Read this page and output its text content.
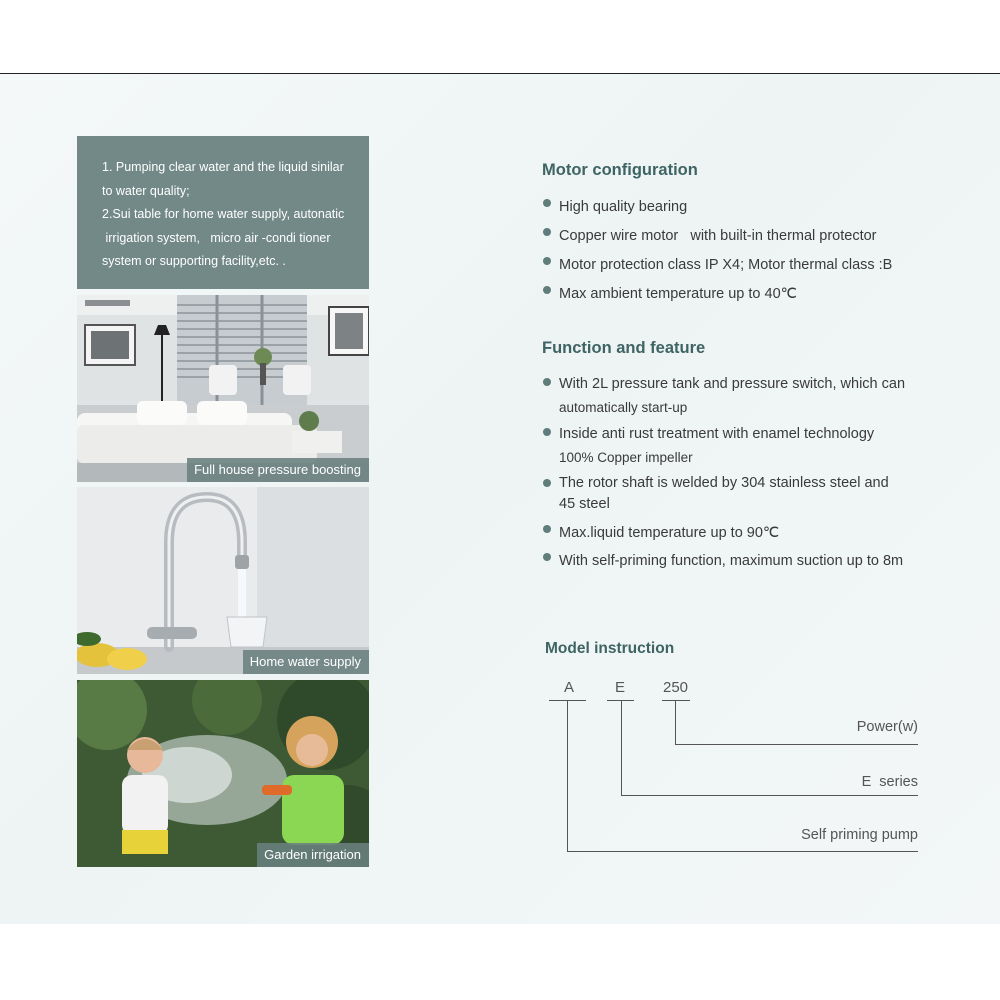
1. Pumping clear water and the liquid sinilar

to water quality;

2.Sui table for home water supply, autonatic

irrigation system,   micro air -condi tioner

system or supporting facility,etc. .

Full house pressure boosting
Home water supply
Garden irrigation
Motor configuration
High quality bearing
Copper wire motor   with built-in thermal protector
Motor protection class IP X4; Motor thermal class :B
Max ambient temperature up to 40℃
Function and feature
With 2L pressure tank and pressure switch, which can
automatically start-up
Inside anti rust treatment with enamel technology
100% Copper impeller
The rotor shaft is welded by 304 stainless steel and
45 steel
Max.liquid temperature up to 90℃
With self-priming function, maximum suction up to 8m
Model instruction
A	E	250
Power(w)
E  series
Self priming pump
